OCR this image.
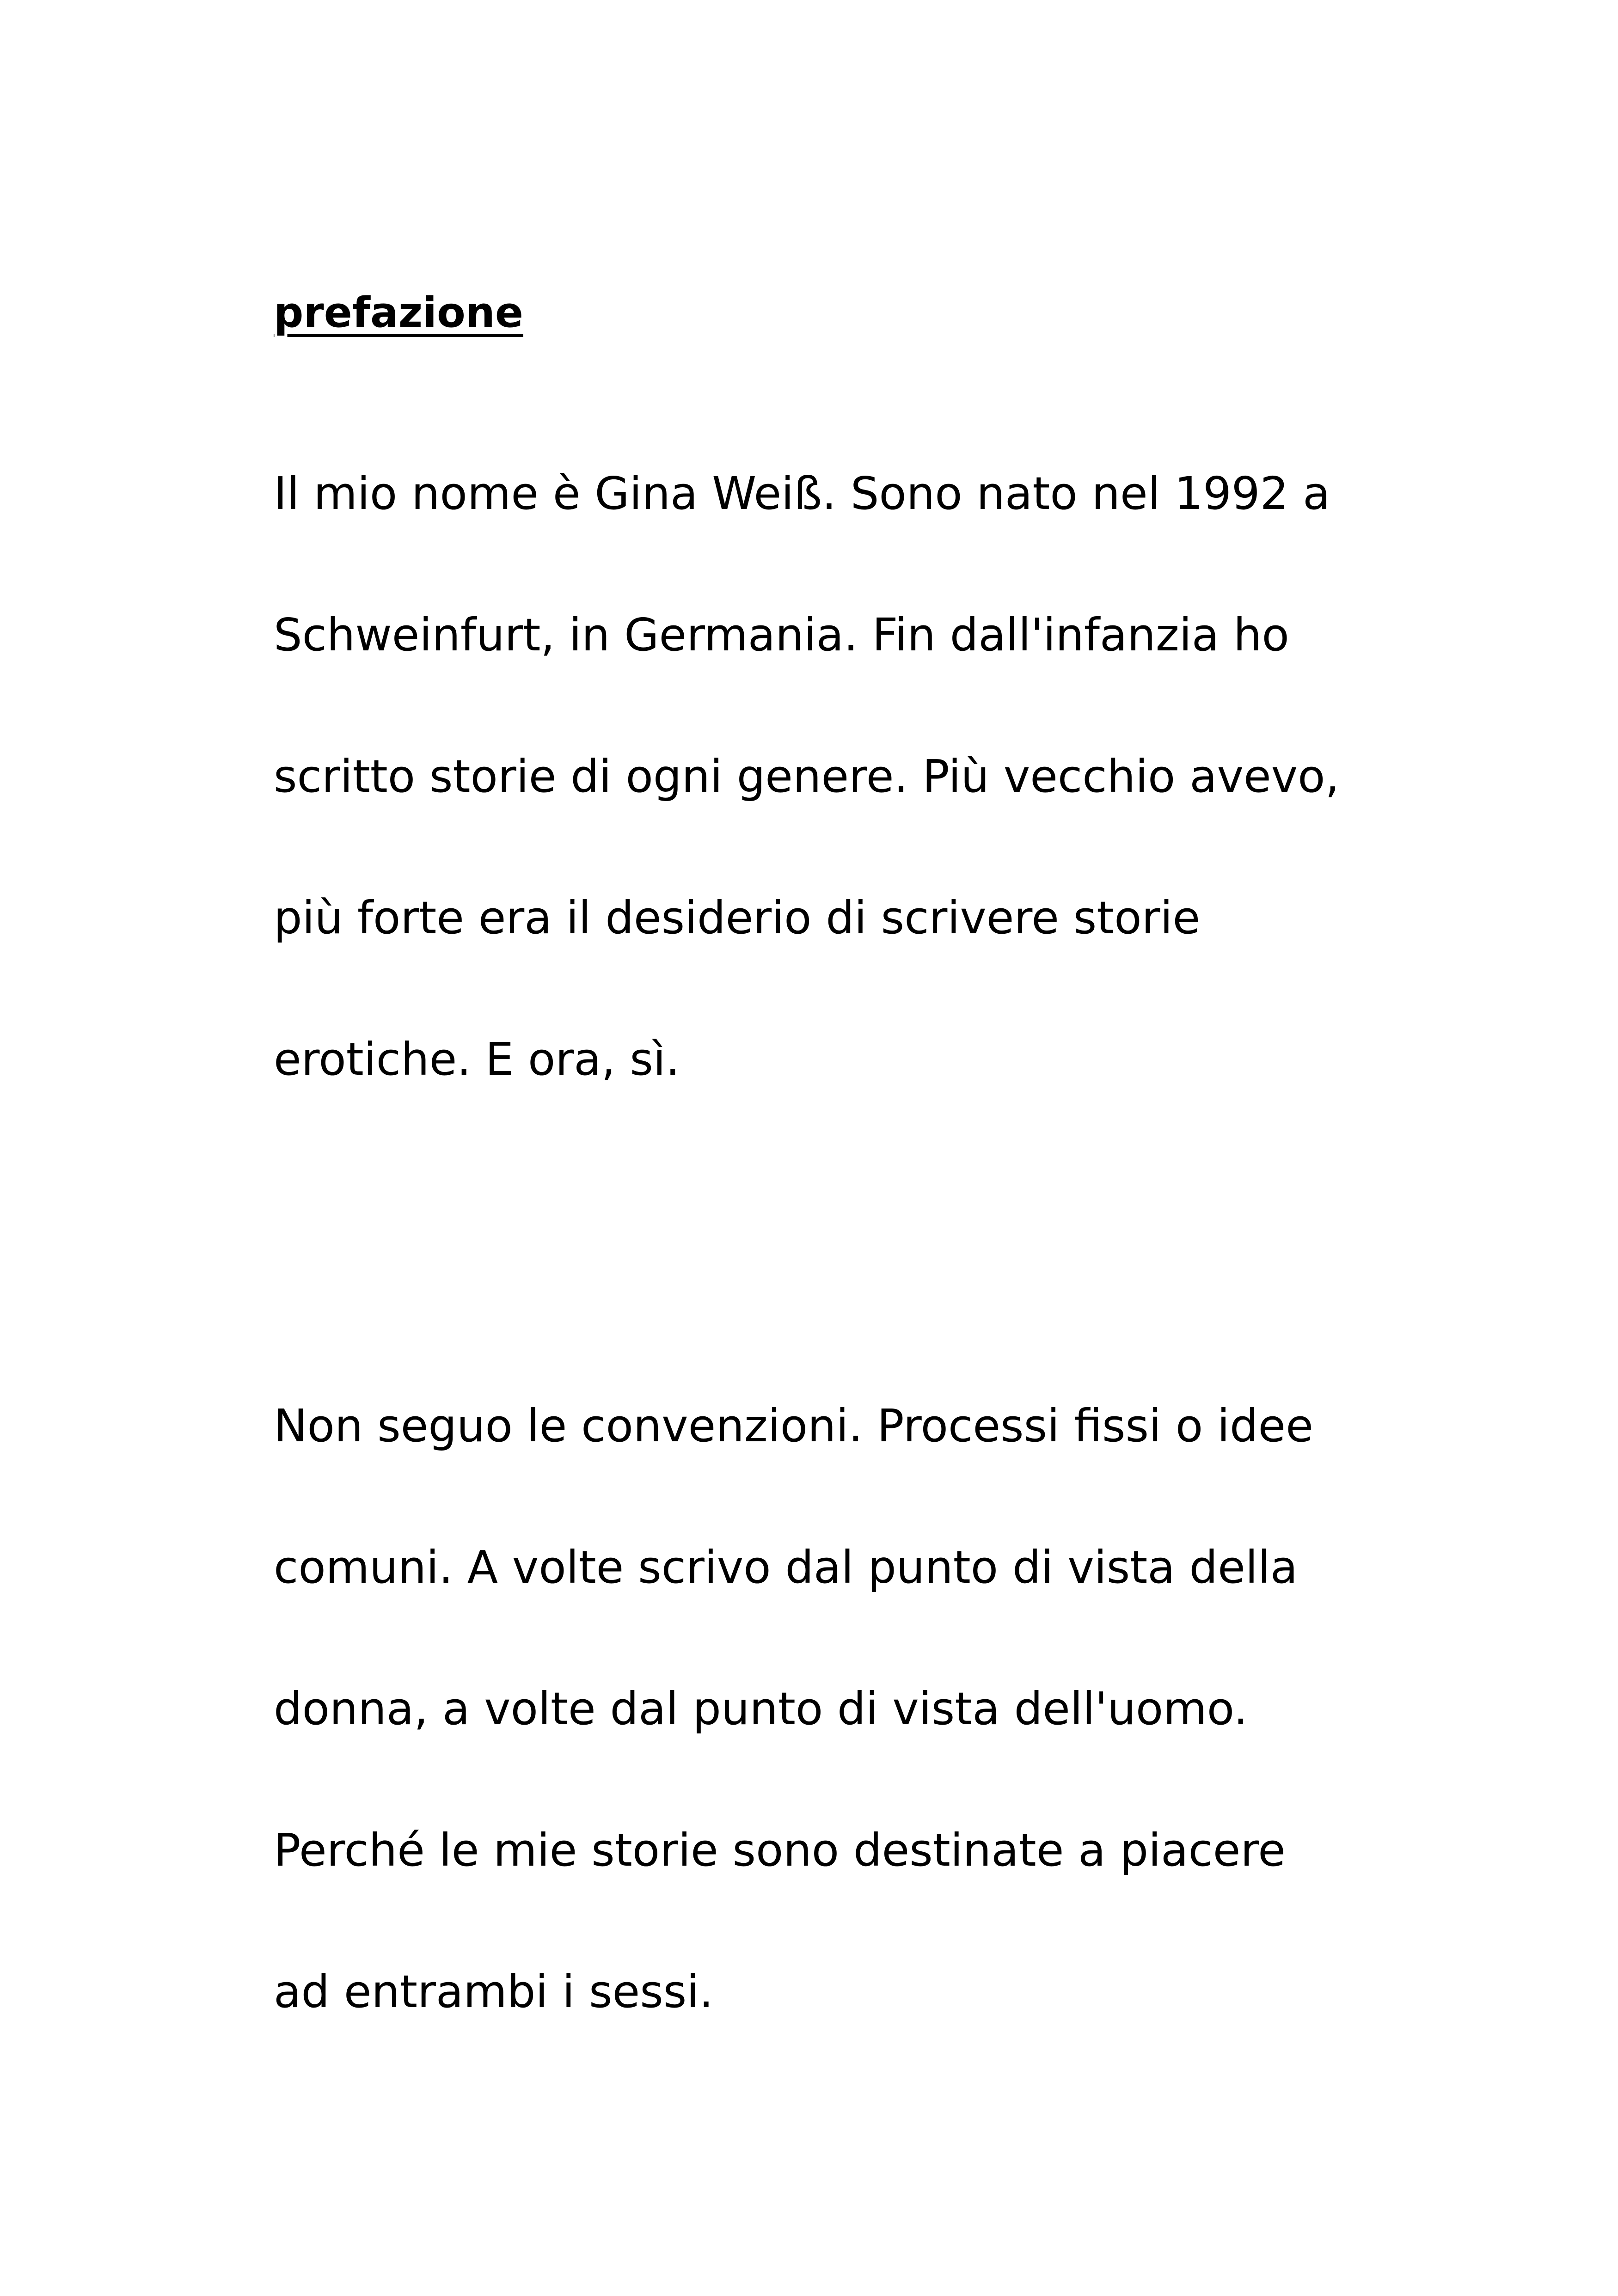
prefazione
Il mio nome è Gina Weiß. Sono nato nel 1992 a
Schweinfurt, in Germania. Fin dall'infanzia ho
scritto storie di ogni genere. Più vecchio avevo,
più forte era il desiderio di scrivere storie
erotiche. E ora, sì.
Non seguo le convenzioni. Processi fissi o idee
comuni. A volte scrivo dal punto di vista della
donna, a volte dal punto di vista dell'uomo.
Perché le mie storie sono destinate a piacere
ad entrambi i sessi.
